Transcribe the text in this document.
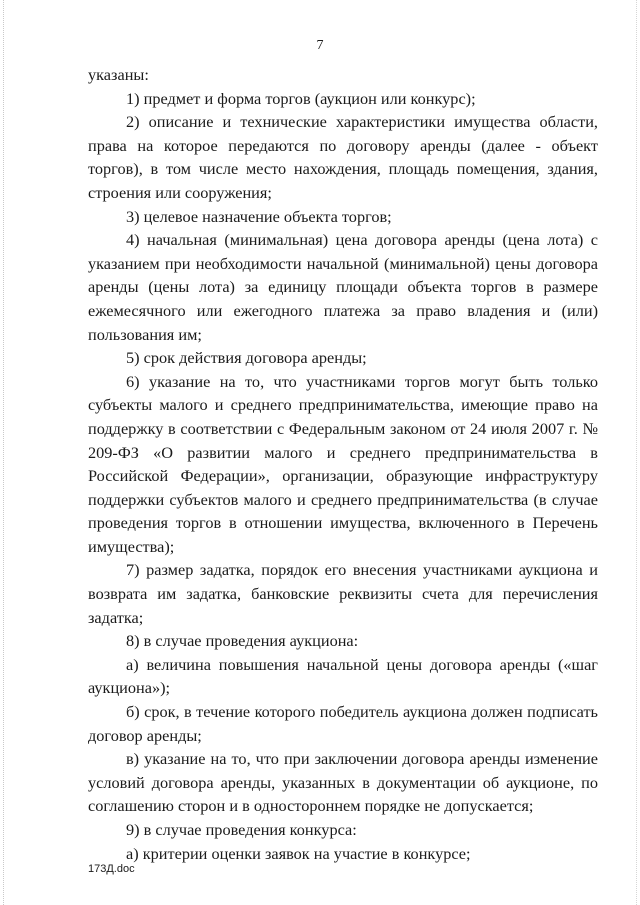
7

указаны:

1) предмет и форма торгов (аукцион или конкурс);

2) описание и технические характеристики имущества области, права на которое передаются по договору аренды (далее - объект торгов), в том числе место нахождения, площадь помещения, здания, строения или сооружения;

3) целевое назначение объекта торгов;

4) начальная (минимальная) цена договора аренды (цена лота) с указанием при необходимости начальной (минимальной) цены договора аренды (цены лота) за единицу площади объекта торгов в размере ежемесячного или ежегодного платежа за право владения и (или) пользования им;

5) срок действия договора аренды;

6) указание на то, что участниками торгов могут быть только субъекты малого и среднего предпринимательства, имеющие право на поддержку в соответствии с Федеральным законом от 24 июля 2007 г. № 209-ФЗ «О развитии малого и среднего предпринимательства в Российской Федерации», организации, образующие инфраструктуру поддержки субъектов малого и среднего предпринимательства (в случае проведения торгов в отношении имущества, включенного в Перечень имущества);

7) размер задатка, порядок его внесения участниками аукциона и возврата им задатка, банковские реквизиты счета для перечисления задатка;

8) в случае проведения аукциона:

а) величина повышения начальной цены договора аренды («шаг аукциона»);

б) срок, в течение которого победитель аукциона должен подписать договор аренды;

в) указание на то, что при заключении договора аренды изменение условий договора аренды, указанных в документации об аукционе, по соглашению сторон и в одностороннем порядке не допускается;

9) в случае проведения конкурса:

а) критерии оценки заявок на участие в конкурсе;

173Д.doc
